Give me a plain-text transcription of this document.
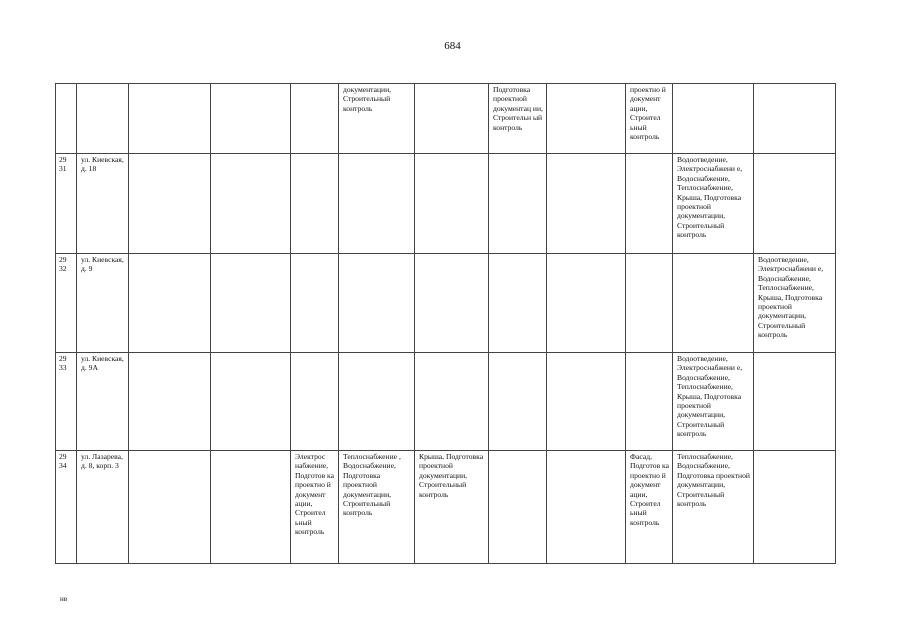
684
					документации, Строительный контроль		Подготовка проектной документац ии, Строительн ый контроль		проектно й документ ации, Строител ьный контроль		
29 31	ул. Киевская, д. 18									Водоотведение, Электроснабжени е, Водоснабжение, Теплоснабжение, Крыша, Подготовка проектной документации, Строительный контроль	
29 32	ул. Киевская, д. 9										Водоотведение, Электроснабжени е, Водоснабжение, Теплоснабжение, Крыша, Подготовка проектной документации, Строительный контроль
29 33	ул. Киевская, д. 9А									Водоотведение, Электроснабжени е, Водоснабжение, Теплоснабжение, Крыша, Подготовка проектной документации, Строительный контроль	
29 34	ул. Лазарева, д. 8, корп. 3			Электрос набжение, Подготов ка проектно й документ ации, Строител ьный контроль	Теплоснабжение , Водоснабжение, Подготовка проектной документации, Строительный контроль	Крыша, Подготовка проектной документации, Строительный контроль			Фасад, Подготов ка проектно й документ ации, Строител ьный контроль	Теплоснабжение, Водоснабжение, Подготовка проектной документации, Строительный контроль	
нв
